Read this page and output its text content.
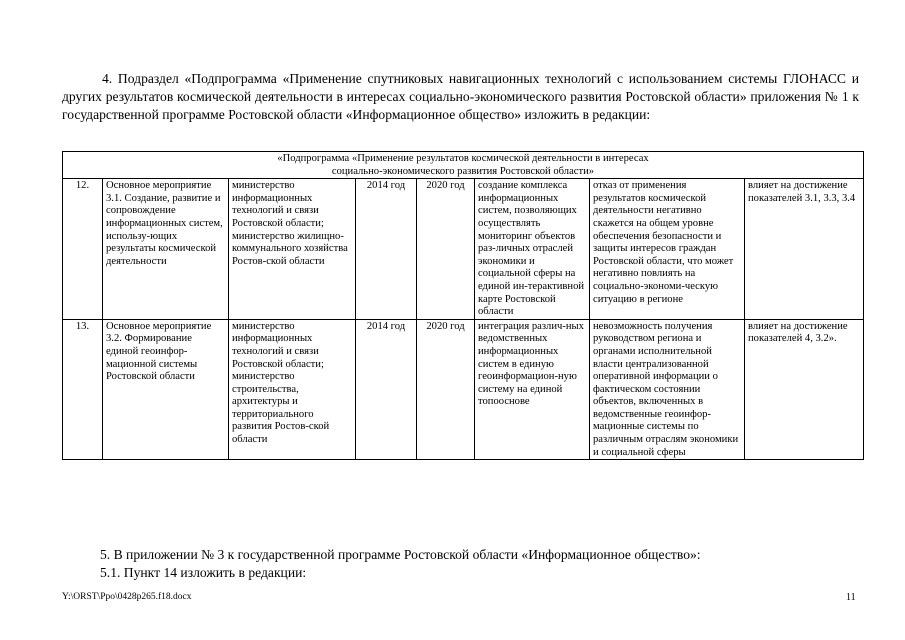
4. Подраздел «Подпрограмма «Применение спутниковых навигационных технологий с использованием системы ГЛОНАСС и других результатов космической деятельности в интересах социально-экономического развития Ростовской области» приложения № 1 к государственной программе Ростовской области «Информационное общество» изложить в редакции:

«Подпрограмма «Применение результатов космической деятельности в интересах социально-экономического развития Ростовской области»							
12.	Основное мероприятие 3.1. Создание, развитие и сопровождение информационных систем, использу-ющих результаты космической деятельности	министерство информационных технологий и связи Ростовской области; министерство жилищно-коммунального хозяйства Ростов-ской области	2014 год	2020 год	создание комплекса информационных систем, позволяющих осуществлять мониторинг объектов раз-личных отраслей экономики и социальной сферы на единой ин-терактивной карте Ростовской области	отказ от применения результатов космической деятельности негативно скажется на общем уровне обеспечения безопасности и защиты интересов граждан Ростовской области, что может негативно повлиять на социально-экономи-ческую ситуацию в регионе	влияет на достижение показателей 3.1, 3.3, 3.4
13.	Основное мероприятие 3.2. Формирование единой геоинфор-мационной системы Ростовской области	министерство информационных технологий и связи Ростовской области; министерство строительства, архитектуры и территориального развития Ростов-ской области	2014 год	2020 год	интеграция различ-ных ведомственных информационных систем в единую геоинформацион-ную систему на единой топооснове	невозможность получения руководством региона и органами исполнительной власти централизованной оперативной информации о фактическом состоянии объектов, включенных в ведомственные геоинфор-мационные системы по различным отраслям экономики и социальной сферы	влияет на достижение показателей 4, 3.2».

5. В приложении № 3 к государственной программе Ростовской области «Информационное общество»:

5.1. Пункт 14 изложить в редакции:

Y:\ORST\Ppo\0428p265.f18.docx	11
